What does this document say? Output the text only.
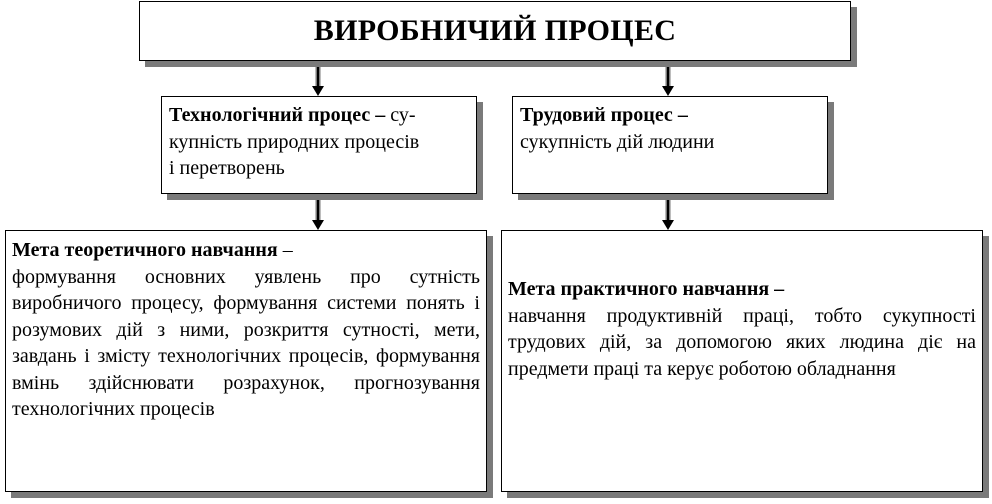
ВИРОБНИЧИЙ ПРОЦЕС
Технологічний процес – су-
купність природних процесів
і перетворень
Трудовий процес –
сукупність дій людини
Мета теоретичного навчання –
формування основних уявлень про сутність виробничого процесу, формування системи понять і розумових дій з ними, розкриття сутності, мети, завдань і змісту технологічних процесів, формування вмінь здійснювати розрахунок, прогнозування технологічних процесів
Мета практичного навчання –
навчання продуктивній праці, тобто сукупності трудових дій, за допомогою яких людина діє на предмети праці та керує роботою обладнання
